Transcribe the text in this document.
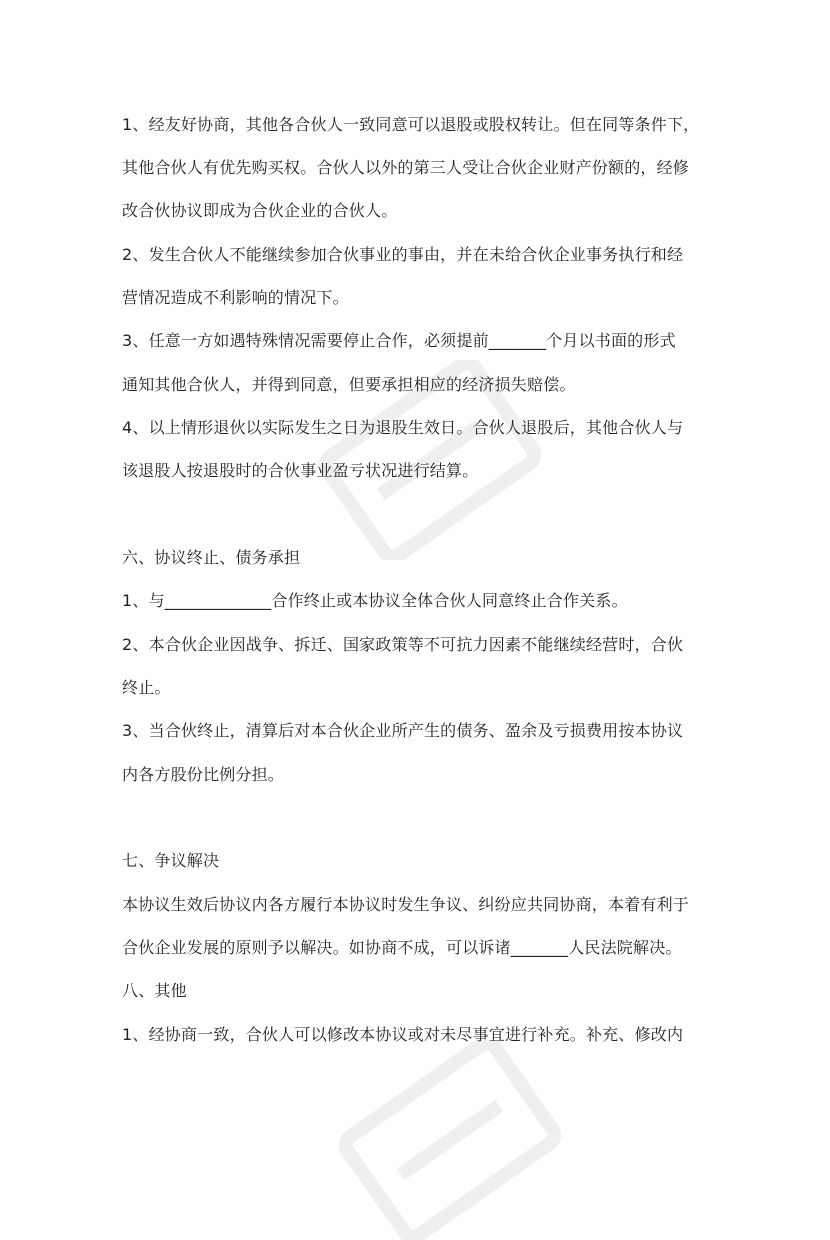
1、经友好协商，其他各合伙人一致同意可以退股或股权转让。但在同等条件下，
其他合伙人有优先购买权。合伙人以外的第三人受让合伙企业财产份额的，经修
改合伙协议即成为合伙企业的合伙人。
2、发生合伙人不能继续参加合伙事业的事由，并在未给合伙企业事务执行和经
营情况造成不利影响的情况下。
3、任意一方如遇特殊情况需要停止合作，必须提前_______个月以书面的形式
通知其他合伙人，并得到同意，但要承担相应的经济损失赔偿。
4、以上情形退伙以实际发生之日为退股生效日。合伙人退股后，其他合伙人与
该退股人按退股时的合伙事业盈亏状况进行结算。
六、协议终止、债务承担
1、与_____________合作终止或本协议全体合伙人同意终止合作关系。
2、本合伙企业因战争、拆迁、国家政策等不可抗力因素不能继续经营时，合伙
终止。
3、当合伙终止，清算后对本合伙企业所产生的债务、盈余及亏损费用按本协议
内各方股份比例分担。
七、争议解决
本协议生效后协议内各方履行本协议时发生争议、纠纷应共同协商，本着有利于
合伙企业发展的原则予以解决。如协商不成，可以诉诸_______人民法院解决。
八、其他
1、经协商一致，合伙人可以修改本协议或对未尽事宜进行补充。补充、修改内
